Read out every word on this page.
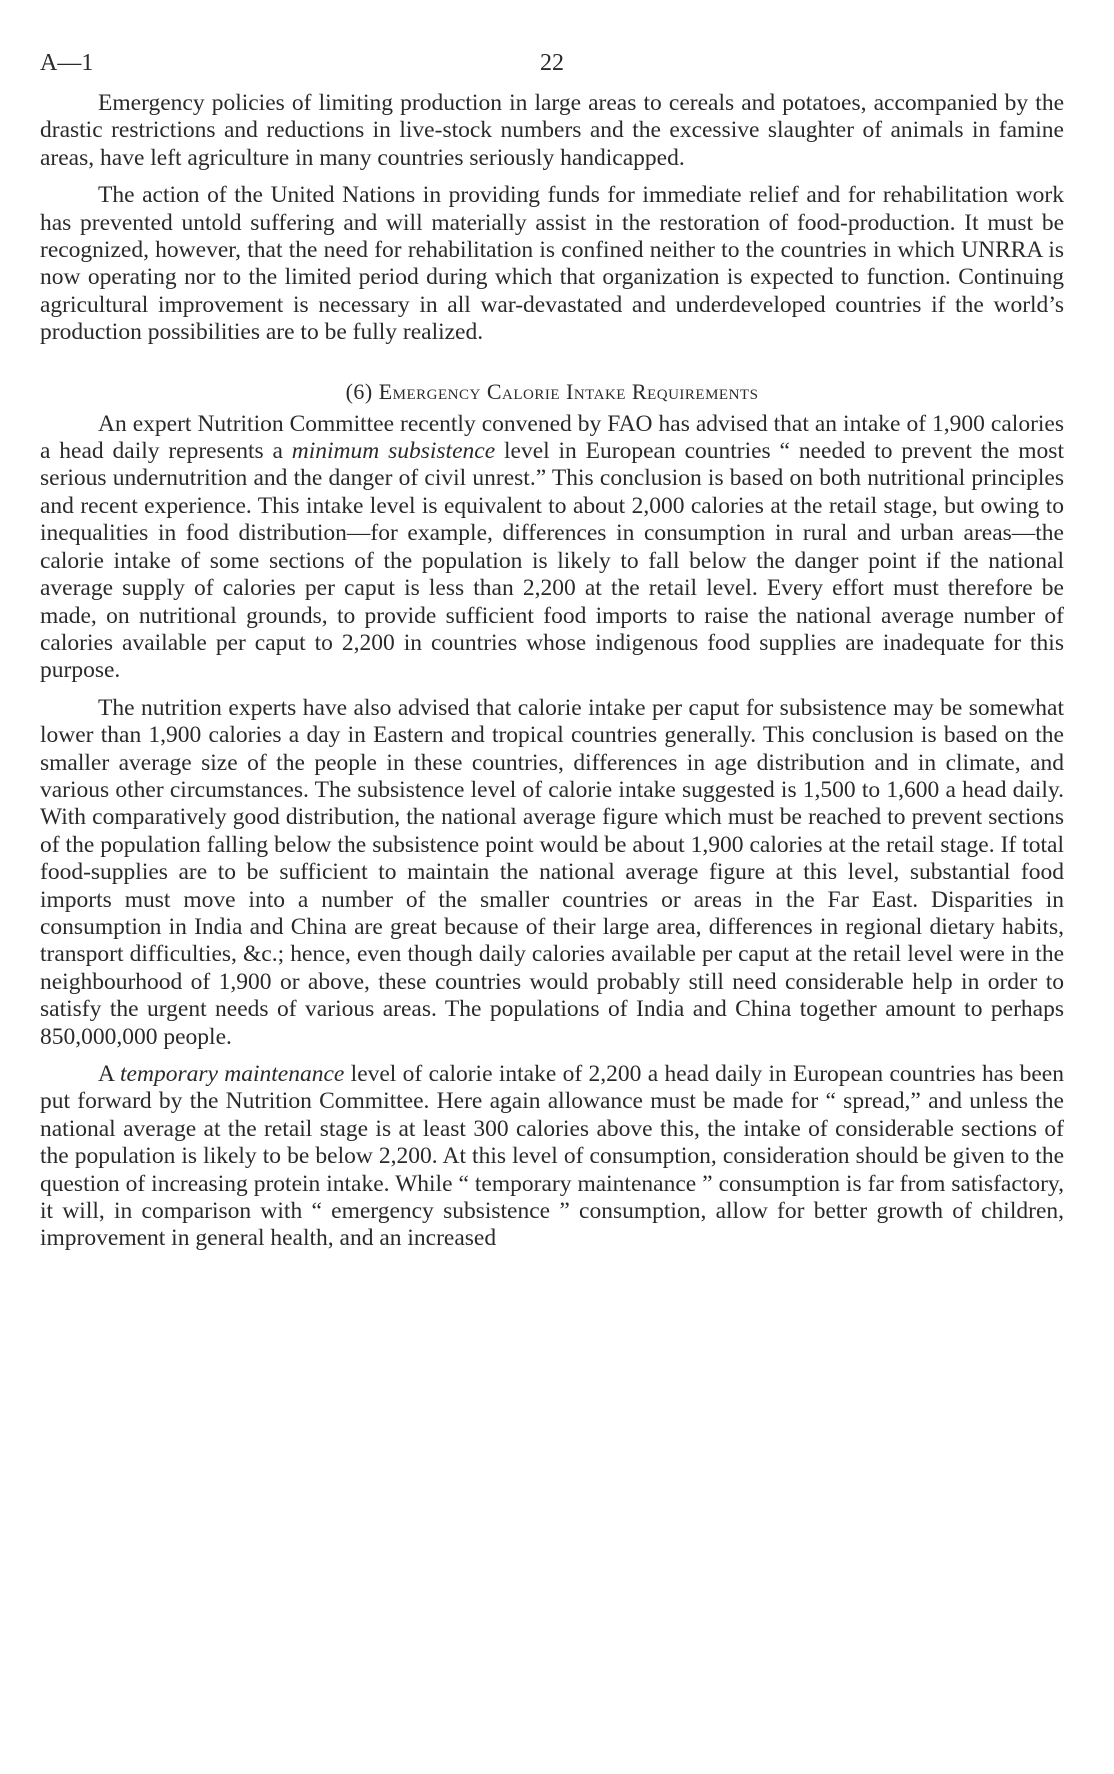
A—1	22

Emergency policies of limiting production in large areas to cereals and potatoes, accompanied by the drastic restrictions and reductions in live-stock numbers and the excessive slaughter of animals in famine areas, have left agriculture in many countries seriously handicapped.

The action of the United Nations in providing funds for immediate relief and for rehabilitation work has prevented untold suffering and will materially assist in the restoration of food-production. It must be recognized, however, that the need for rehabilitation is confined neither to the countries in which UNRRA is now operating nor to the limited period during which that organization is expected to function. Continuing agricultural improvement is necessary in all war-devastated and underdeveloped countries if the world’s production possibilities are to be fully realized.

(6) Emergency Calorie Intake Requirements

An expert Nutrition Committee recently convened by FAO has advised that an intake of 1,900 calories a head daily represents a minimum subsistence level in European countries “ needed to prevent the most serious undernutrition and the danger of civil unrest.” This conclusion is based on both nutritional principles and recent experience. This intake level is equivalent to about 2,000 calories at the retail stage, but owing to inequalities in food distribution—for example, differences in consumption in rural and urban areas—the calorie intake of some sections of the population is likely to fall below the danger point if the national average supply of calories per caput is less than 2,200 at the retail level. Every effort must therefore be made, on nutritional grounds, to provide sufficient food imports to raise the national average number of calories available per caput to 2,200 in countries whose indigenous food supplies are inadequate for this purpose.

The nutrition experts have also advised that calorie intake per caput for subsistence may be somewhat lower than 1,900 calories a day in Eastern and tropical countries generally. This conclusion is based on the smaller average size of the people in these countries, differences in age distribution and in climate, and various other circumstances. The subsistence level of calorie intake suggested is 1,500 to 1,600 a head daily. With comparatively good distribution, the national average figure which must be reached to prevent sections of the population falling below the subsistence point would be about 1,900 calories at the retail stage. If total food-supplies are to be sufficient to maintain the national average figure at this level, substantial food imports must move into a number of the smaller countries or areas in the Far East. Disparities in consumption in India and China are great because of their large area, differences in regional dietary habits, transport difficulties, &c.; hence, even though daily calories available per caput at the retail level were in the neighbourhood of 1,900 or above, these countries would probably still need considerable help in order to satisfy the urgent needs of various areas. The populations of India and China together amount to perhaps 850,000,000 people.

A temporary maintenance level of calorie intake of 2,200 a head daily in European countries has been put forward by the Nutrition Committee. Here again allowance must be made for “ spread,” and unless the national average at the retail stage is at least 300 calories above this, the intake of considerable sections of the population is likely to be below 2,200. At this level of consumption, consideration should be given to the question of increasing protein intake. While “ temporary maintenance ” consumption is far from satisfactory, it will, in comparison with “ emergency subsistence ” consumption, allow for better growth of children, improvement in general health, and an increased
